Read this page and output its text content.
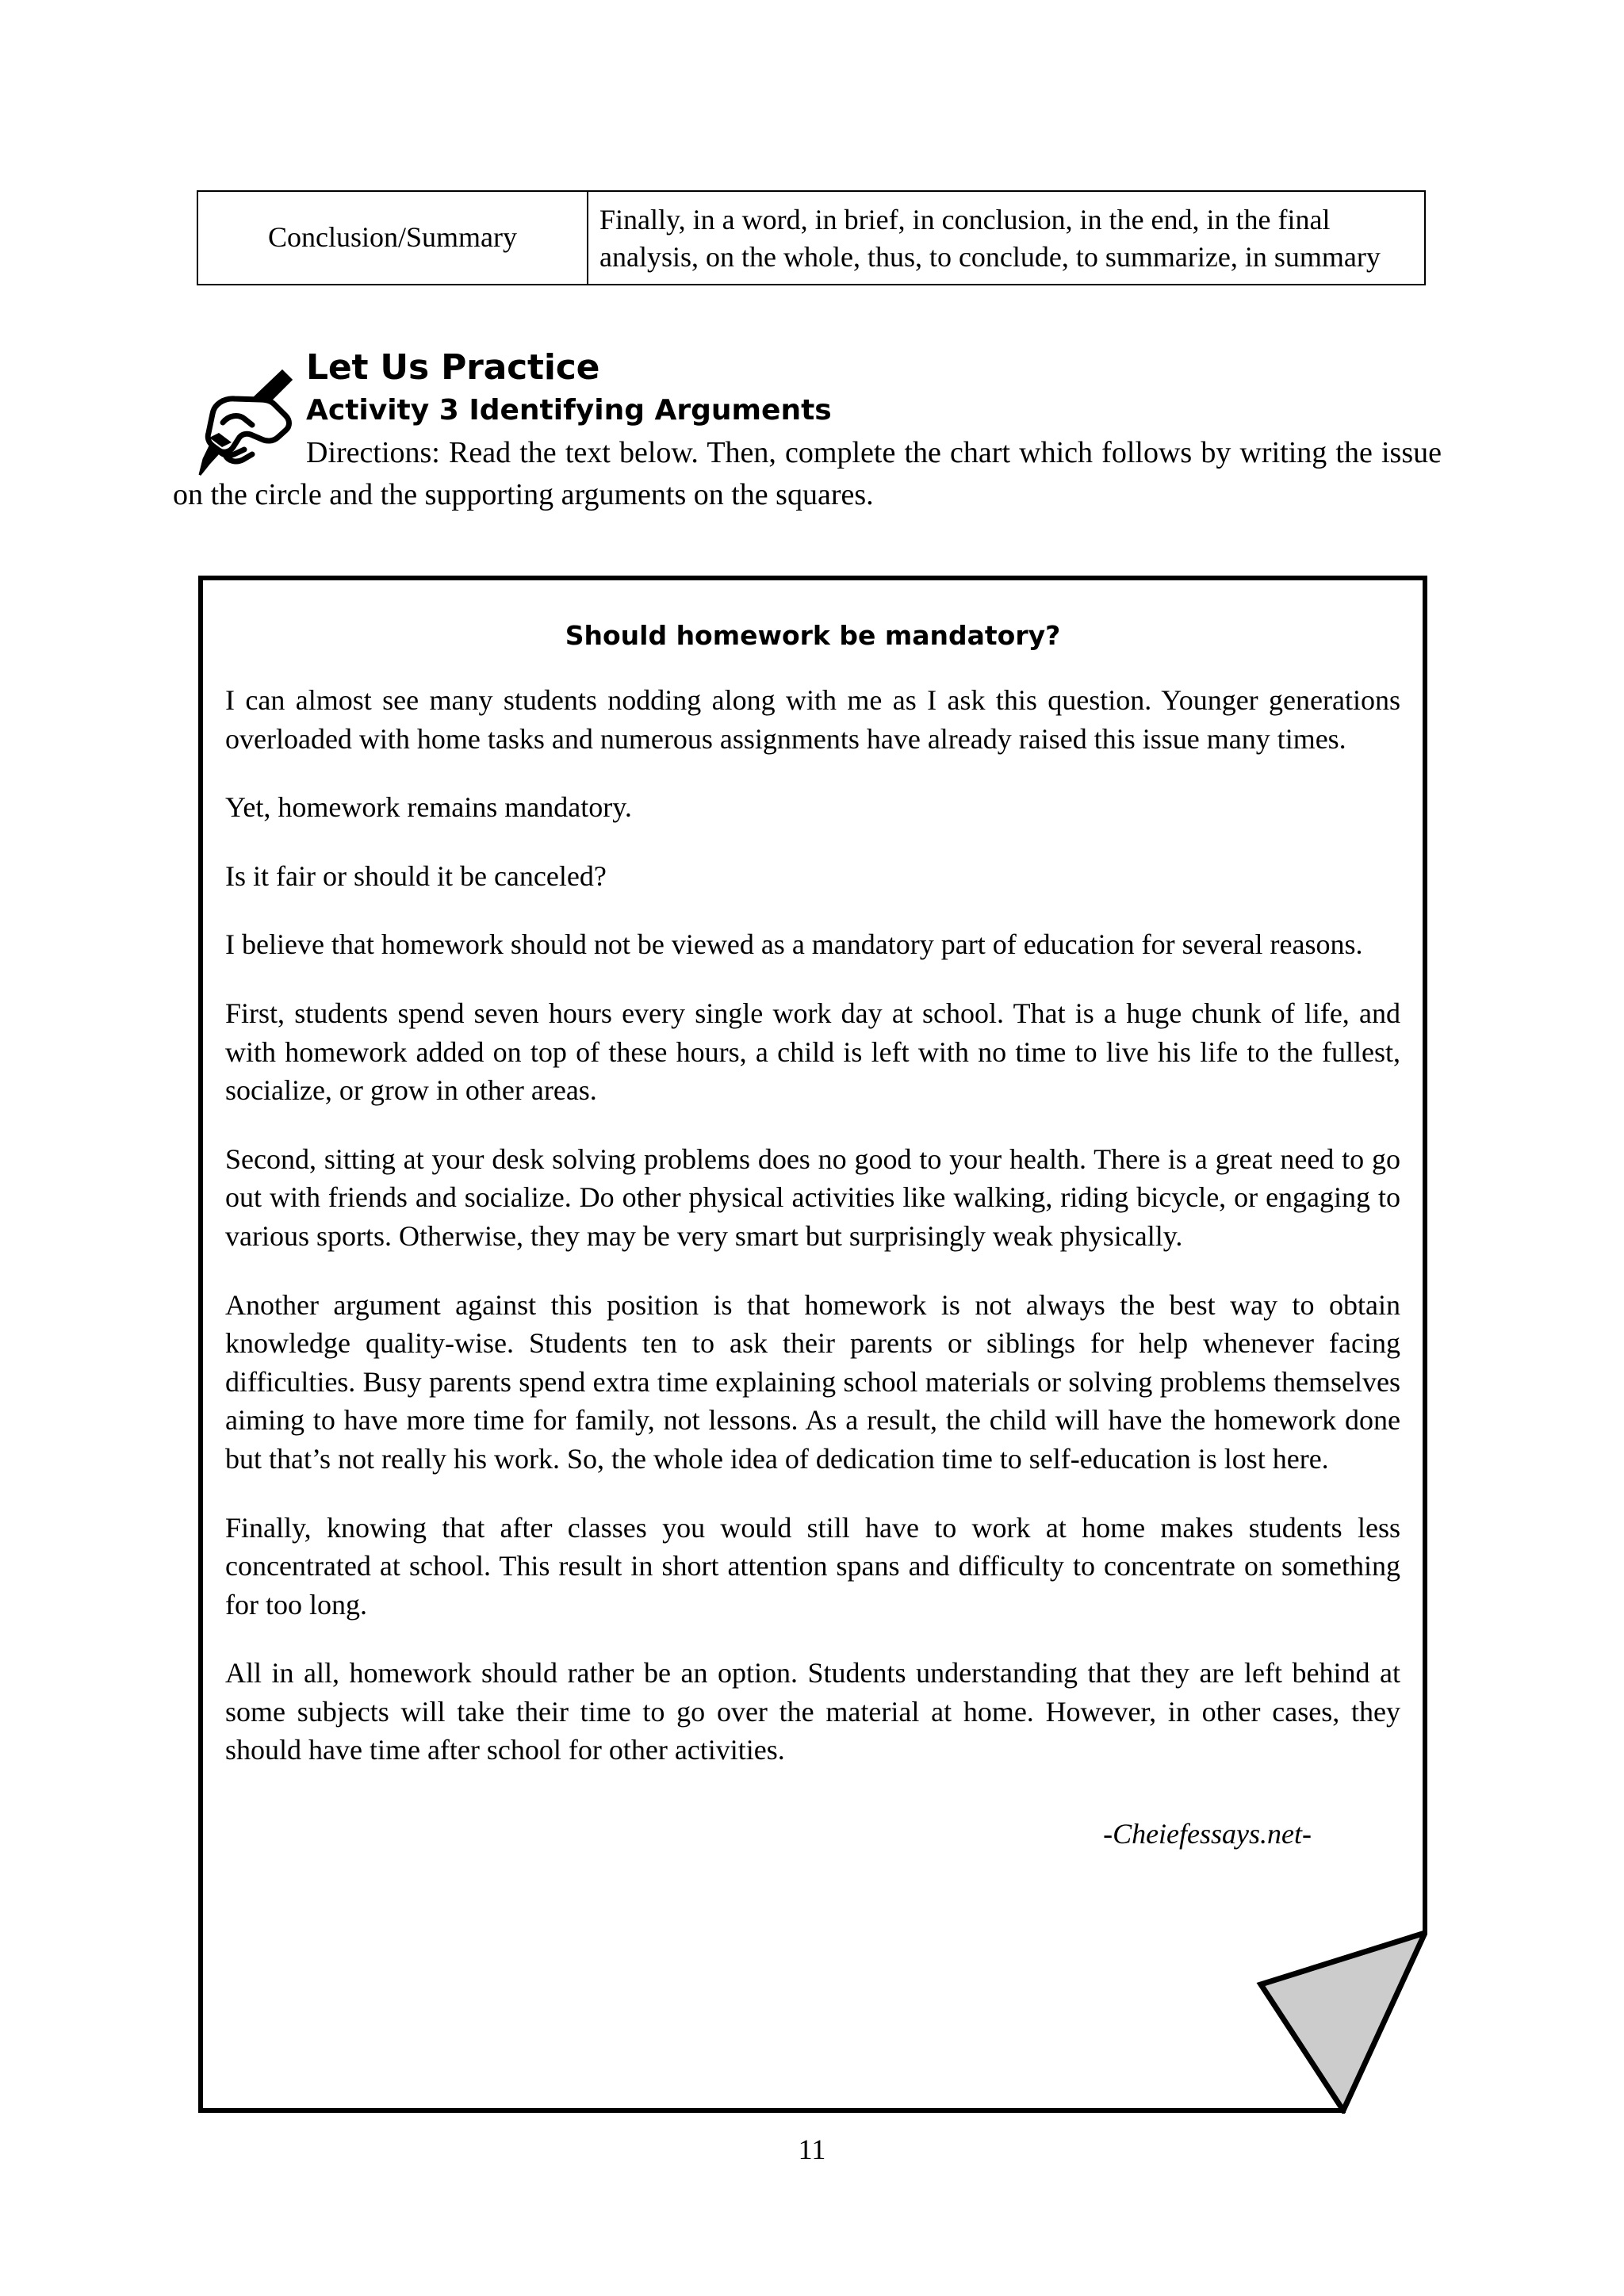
Conclusion/Summary	Finally, in a word, in brief, in conclusion, in the end, in the final analysis, on the whole, thus, to conclude, to summarize, in summary
Let Us Practice
Activity 3 Identifying Arguments

Directions: Read the text below. Then, complete the chart which follows by writing the issue on the circle and the supporting arguments on the squares.

Should homework be mandatory?

I can almost see many students nodding along with me as I ask this question. Younger generations overloaded with home tasks and numerous assignments have already raised this issue many times.

Yet, homework remains mandatory.

Is it fair or should it be canceled?

I believe that homework should not be viewed as a mandatory part of education for several reasons.

First, students spend seven hours every single work day at school. That is a huge chunk of life, and with homework added on top of these hours, a child is left with no time to live his life to the fullest, socialize, or grow in other areas.

Second, sitting at your desk solving problems does no good to your health. There is a great need to go out with friends and socialize. Do other physical activities like walking, riding bicycle, or engaging to various sports. Otherwise, they may be very smart but surprisingly weak physically.

Another argument against this position is that homework is not always the best way to obtain knowledge quality-wise. Students ten to ask their parents or siblings for help whenever facing difficulties. Busy parents spend extra time explaining school materials or solving problems themselves aiming to have more time for family, not lessons. As a result, the child will have the homework done but that’s not really his work. So, the whole idea of dedication time to self-education is lost here.

Finally, knowing that after classes you would still have to work at home makes students less concentrated at school. This result in short attention spans and difficulty to concentrate on something for too long.

All in all, homework should rather be an option. Students understanding that they are left behind at some subjects will take their time to go over the material at home. However, in other cases, they should have time after school for other activities.

-Cheiefessays.net-
11
